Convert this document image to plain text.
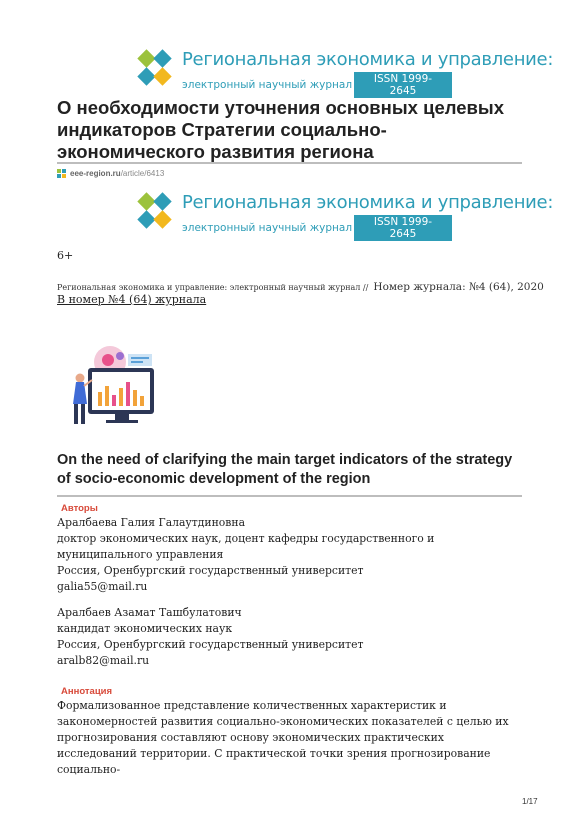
Региональная экономика и управление:
электронный научный журнал	ISSN 1999-2645
О необходимости уточнения основных целевых индикаторов Стратегии социально-экономического развития региона
eee-region.ru /article/6413
Региональная экономика и управление:
электронный научный журнал	ISSN 1999-2645
6+
Региональная экономика и управление: электронный научный журнал // Номер журнала: №4 (64), 2020
В номер №4 (64) журнала
On the need of clarifying the main target indicators of the strategy of socio-economic development of the region
Авторы
Аралбаева Галия Галаутдиновна
доктор экономических наук, доцент кафедры государственного и муниципального управления
Россия, Оренбургский государственный университет
galia55@mail.ru
Аралбаев Азамат Ташбулатович
кандидат экономических наук
Россия, Оренбургский государственный университет
aralb82@mail.ru
Аннотация
Формализованное представление количественных характеристик и закономерностей развития социально-экономических показателей с целью их прогнозирования составляют основу экономических практических исследований территории. С практической точки зрения прогнозирование социально-
1/17
